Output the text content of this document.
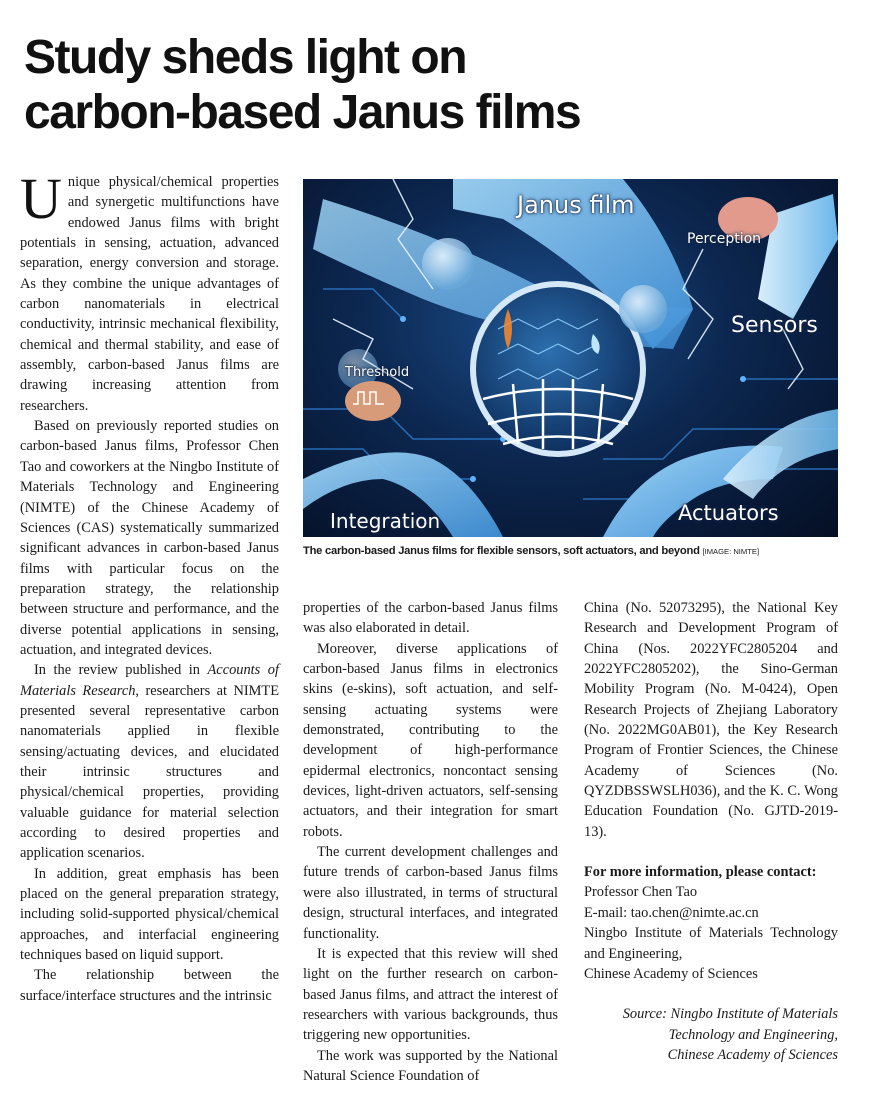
Study sheds light on
carbon-based Janus films

Unique physical/chemical properties and synergetic multifunctions have endowed Janus films with bright potentials in sensing, actuation, advanced separation, energy conversion and storage. As they combine the unique advantages of carbon nanomaterials in electrical conductivity, intrinsic mechanical flexibility, chemical and thermal stability, and ease of assembly, carbon-based Janus films are drawing increasing attention from researchers.

Based on previously reported studies on carbon-based Janus films, Professor Chen Tao and coworkers at the Ningbo Institute of Materials Technology and Engineering (NIMTE) of the Chinese Academy of Sciences (CAS) systematically summarized significant advances in carbon-based Janus films with particular focus on the preparation strategy, the relationship between structure and performance, and the diverse potential applications in sensing, actuation, and integrated devices.

In the review published in Accounts of Materials Research, researchers at NIMTE presented several representative carbon nanomaterials applied in flexible sensing/actuating devices, and elucidated their intrinsic structures and physical/chemical properties, providing valuable guidance for material selection according to desired properties and application scenarios.

In addition, great emphasis has been placed on the general preparation strategy, including solid-supported physical/chemical approaches, and interfacial engineering techniques based on liquid support.

The relationship between the surface/interface structures and the intrinsic

Janus film
Perception
Sensors
Threshold
Integration	Actuators
The carbon-based Janus films for flexible sensors, soft actuators, and beyond [IMAGE: NIMTE]

properties of the carbon-based Janus films was also elaborated in detail.

Moreover, diverse applications of carbon-based Janus films in electronics skins (e-skins), soft actuation, and self-sensing actuating systems were demonstrated, contributing to the development of high-performance epidermal electronics, noncontact sensing devices, light-driven actuators, self-sensing actuators, and their integration for smart robots.

The current development challenges and future trends of carbon-based Janus films were also illustrated, in terms of structural design, structural interfaces, and integrated functionality.

It is expected that this review will shed light on the further research on carbon-based Janus films, and attract the interest of researchers with various backgrounds, thus triggering new opportunities.

The work was supported by the National Natural Science Foundation of

China (No. 52073295), the National Key Research and Development Program of China (Nos. 2022YFC2805204 and 2022YFC2805202), the Sino-German Mobility Program (No. M-0424), Open Research Projects of Zhejiang Laboratory (No. 2022MG0AB01), the Key Research Program of Frontier Sciences, the Chinese Academy of Sciences (No. QYZDBSSWSLH036), and the K. C. Wong Education Foundation (No. GJTD-2019-13).

For more information, please contact:

Professor Chen Tao

E-mail: tao.chen@nimte.ac.cn

Ningbo Institute of Materials Technology and Engineering,

Chinese Academy of Sciences

Source: Ningbo Institute of Materials

Technology and Engineering,

Chinese Academy of Sciences
